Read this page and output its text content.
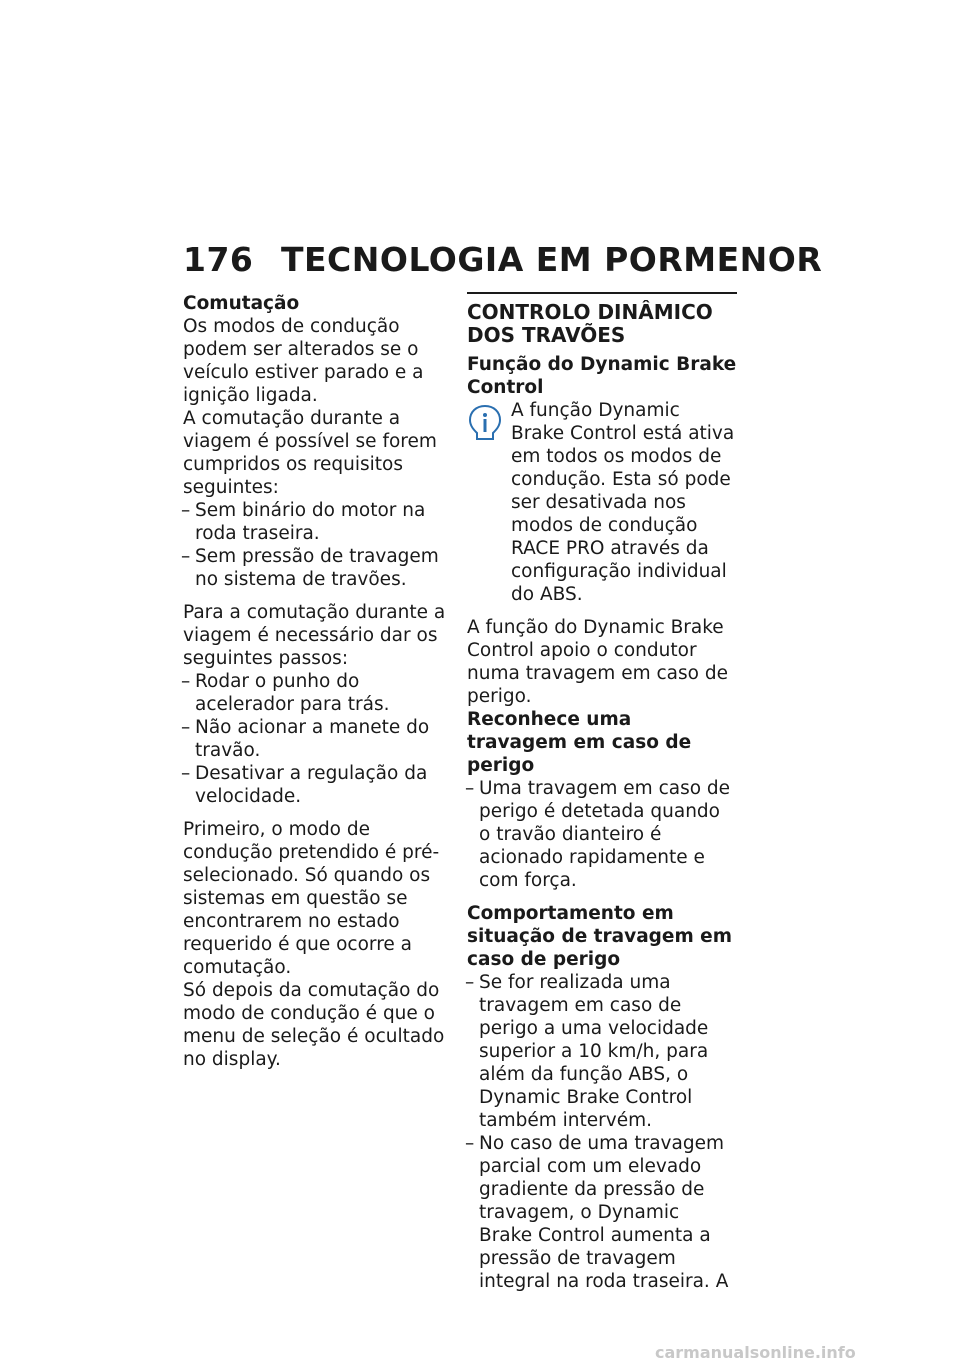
176 TECNOLOGIA EM PORMENOR

Comutação

Os modos de condução podem ser alterados se o veículo estiver parado e a ignição ligada.

A comutação durante a viagem é possível se forem cumpridos os requisitos seguintes:

– Sem binário do motor na roda traseira.
– Sem pressão de travagem no sistema de travões.

Para a comutação durante a viagem é necessário dar os seguintes passos:

– Rodar o punho do acelerador para trás.
– Não acionar a manete do travão.
– Desativar a regulação da velocidade.

Primeiro, o modo de condução pretendido é pré-selecionado. Só quando os sistemas em questão se encontrarem no estado requerido é que ocorre a comutação.

Só depois da comutação do modo de condução é que o menu de seleção é ocultado no display.

CONTROLO DINÂMICO DOS TRAVÕES

Função do Dynamic Brake Control

A função Dynamic Brake Control está ativa em todos os modos de condução. Esta só pode ser desativada nos modos de condução RACE PRO através da configuração individual do ABS.

A função do Dynamic Brake Control apoio o condutor numa travagem em caso de perigo.

Reconhece uma travagem em caso de perigo

– Uma travagem em caso de perigo é detetada quando o travão dianteiro é acionado rapidamente e com força.

Comportamento em situação de travagem em caso de perigo

– Se for realizada uma travagem em caso de perigo a uma velocidade superior a 10 km/h, para além da função ABS, o Dynamic Brake Control também intervém.
– No caso de uma travagem parcial com um elevado gradiente da pressão de travagem, o Dynamic Brake Control aumenta a pressão de travagem integral na roda traseira. A
carmanualsonline.info
